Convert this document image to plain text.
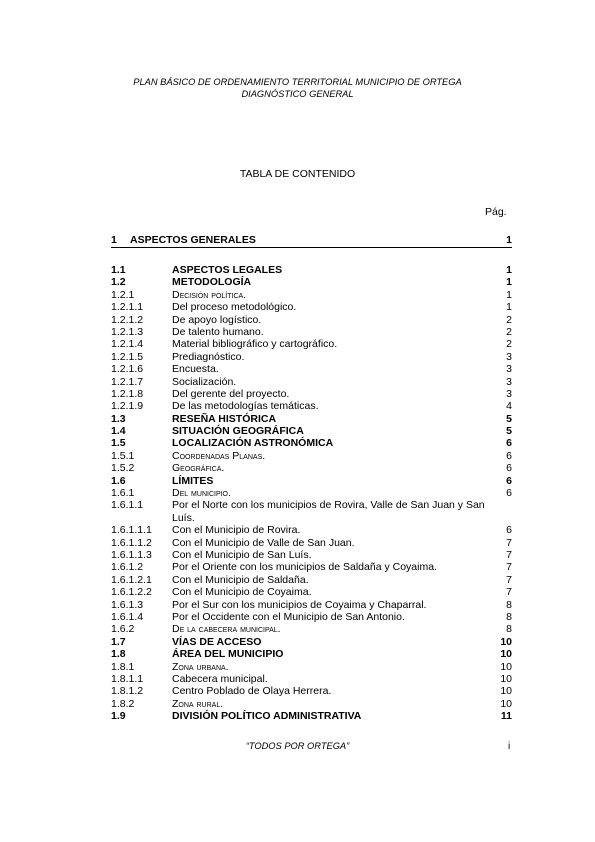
PLAN BÁSICO DE ORDENAMIENTO TERRITORIAL MUNICIPIO DE ORTEGA
DIAGNÓSTICO GENERAL
TABLA DE CONTENIDO
Pág.
1 ASPECTOS GENERALES	1
1.1	ASPECTOS LEGALES	1
1.2	METODOLOGÍA	1
1.2.1	Decisión política.	1
1.2.1.1	Del proceso metodológico.	1
1.2.1.2	De apoyo logístico.	2
1.2.1.3	De talento humano.	2
1.2.1.4	Material bibliográfico y cartográfico.	2
1.2.1.5	Prediagnóstico.	3
1.2.1.6	Encuesta.	3
1.2.1.7	Socialización.	3
1.2.1.8	Del gerente del proyecto.	3
1.2.1.9	De las metodologías temáticas.	4
1.3	RESEÑA HISTÓRICA	5
1.4	SITUACIÓN GEOGRÁFICA	5
1.5	LOCALIZACIÓN ASTRONÓMICA	6
1.5.1	Coordenadas Planas.	6
1.5.2	Geográfica.	6
1.6	LÍMITES	6
1.6.1	Del municipio.	6
1.6.1.1	Por el Norte con los municipios de Rovira, Valle de San Juan y San Luís.
1.6.1.1.1 Con el Municipio de Rovira.	6
1.6.1.1.2 Con el Municipio de Valle de San Juan.	7
1.6.1.1.3 Con el Municipio de San Luís.	7
1.6.1.2	Por el Oriente con los municipios de Saldaña y Coyaima.	7
1.6.1.2.1 Con el Municipio de Saldaña.	7
1.6.1.2.2 Con el Municipio de Coyaima.	7
1.6.1.3	Por el Sur con los municipios de Coyaima y Chaparral.	8
1.6.1.4	Por el Occidente con el Municipio de San Antonio.	8
1.6.2	De la cabecera municipal.	8
1.7	VÍAS DE ACCESO	10
1.8	ÁREA DEL MUNICIPIO	10
1.8.1	Zona urbana.	10
1.8.1.1	Cabecera municipal.	10
1.8.1.2	Centro Poblado de Olaya Herrera.	10
1.8.2	Zona rural.	10
1.9	DIVISIÓN POLÍTICO ADMINISTRATIVA	11
“TODOS POR ORTEGA”	i
